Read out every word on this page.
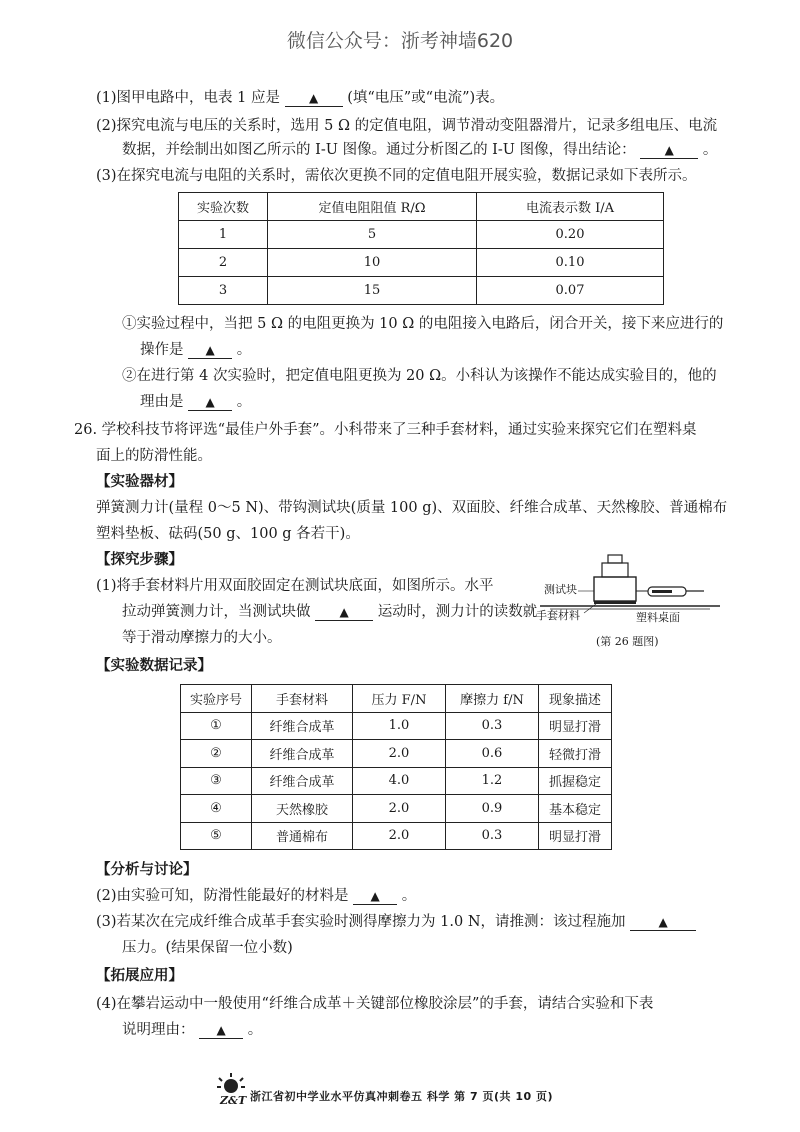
微信公众号：浙考神墙620
(1)图甲电路中，电表 1 应是 ▲ (填“电压”或“电流”)表。
(2)探究电流与电压的关系时，选用 5 Ω 的定值电阻，调节滑动变阻器滑片，记录多组电压、电流
数据，并绘制出如图乙所示的 I-U 图像。通过分析图乙的 I-U 图像，得出结论： ▲ 。
(3)在探究电流与电阻的关系时，需依次更换不同的定值电阻开展实验，数据记录如下表所示。
实验次数	定值电阻阻值 R/Ω	电流表示数 I/A
1	5	0.20
2	10	0.10
3	15	0.07
①实验过程中，当把 5 Ω 的电阻更换为 10 Ω 的电阻接入电路后，闭合开关，接下来应进行的
操作是 ▲ 。
②在进行第 4 次实验时，把定值电阻更换为 20 Ω。小科认为该操作不能达成实验目的，他的
理由是 ▲ 。
26. 学校科技节将评选“最佳户外手套”。小科带来了三种手套材料，通过实验来探究它们在塑料桌
面上的防滑性能。
【实验器材】
弹簧测力计(量程 0～5 N)、带钩测试块(质量 100 g)、双面胶、纤维合成革、天然橡胶、普通棉布
塑料垫板、砝码(50 g、100 g 各若干)。
【探究步骤】
(1)将手套材料片用双面胶固定在测试块底面，如图所示。水平
拉动弹簧测力计，当测试块做 ▲ 运动时，测力计的读数就
等于滑动摩擦力的大小。
测试块
手套材料	塑料桌面
(第 26 题图)
【实验数据记录】
实验序号	手套材料	压力 F/N	摩擦力 f/N	现象描述
①	纤维合成革	1.0	0.3	明显打滑
②	纤维合成革	2.0	0.6	轻微打滑
③	纤维合成革	4.0	1.2	抓握稳定
④	天然橡胶	2.0	0.9	基本稳定
⑤	普通棉布	2.0	0.3	明显打滑
【分析与讨论】
(2)由实验可知，防滑性能最好的材料是 ▲ 。
(3)若某次在完成纤维合成革手套实验时测得摩擦力为 1.0 N，请推测：该过程施加	▲
压力。(结果保留一位小数)
【拓展应用】
(4)在攀岩运动中一般使用“纤维合成革＋关键部位橡胶涂层”的手套，请结合实验和下表
说明理由： ▲ 。
Z&T 浙江省初中学业水平仿真冲刺卷五 科学 第 7 页(共 10 页)
